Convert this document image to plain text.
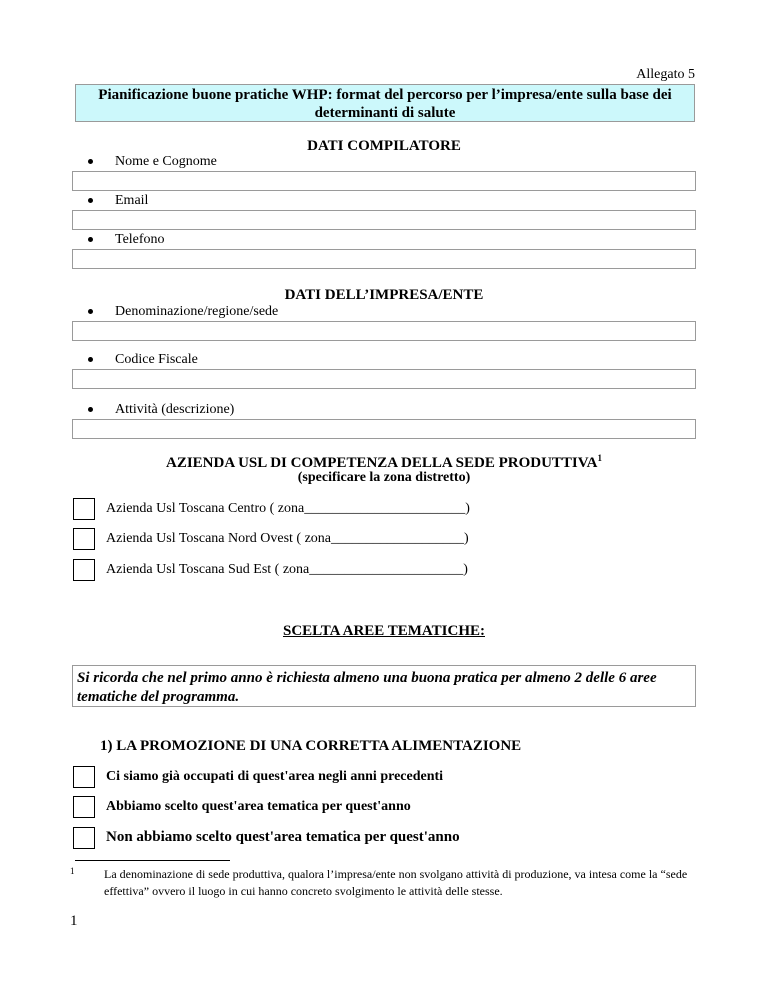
Allegato 5
Pianificazione buone pratiche WHP: format del percorso per l’impresa/ente sulla base dei
determinanti di salute
DATI COMPILATORE
Nome e Cognome
Email
Telefono
DATI DELL’IMPRESA/ENTE
Denominazione/regione/sede
Codice Fiscale
Attività (descrizione)
AZIENDA USL DI COMPETENZA DELLA SEDE PRODUTTIVA$^1$
(specificare la zona distretto)
Azienda Usl Toscana Centro ( zona_______________________)
Azienda Usl Toscana Nord Ovest ( zona___________________)
Azienda Usl Toscana Sud Est ( zona______________________)
SCELTA AREE TEMATICHE:
Si ricorda che nel primo anno è richiesta almeno una buona pratica per almeno 2 delle 6 aree tematiche del programma.
1) LA PROMOZIONE DI UNA CORRETTA ALIMENTAZIONE
Ci siamo già occupati di quest'area negli anni precedenti
Abbiamo scelto quest'area tematica per quest'anno
Non abbiamo scelto quest'area tematica per quest'anno
1 La denominazione di sede produttiva, qualora l’impresa/ente non svolgano attività di produzione, va intesa come la “sede effettiva” ovvero il luogo in cui hanno concreto svolgimento le attività delle stesse.
1
